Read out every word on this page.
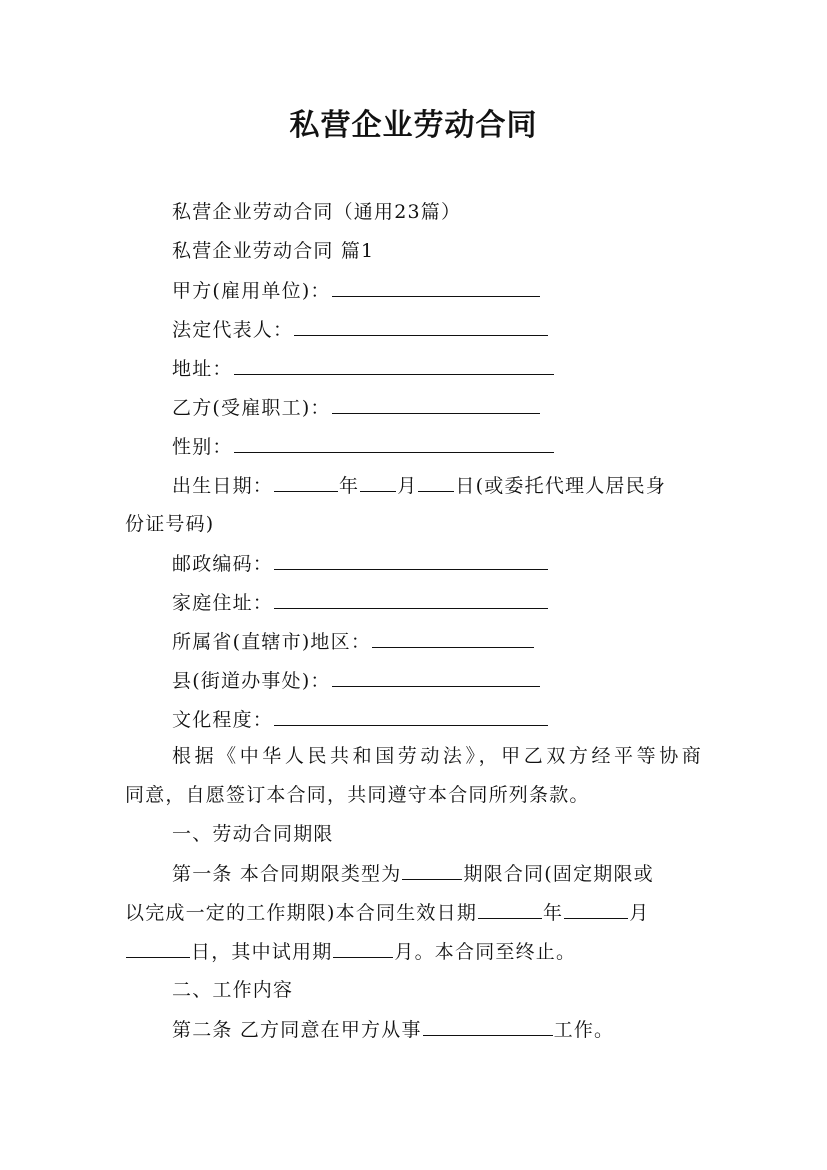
私营企业劳动合同
私营企业劳动合同（通用23篇）
私营企业劳动合同 篇1
甲方(雇用单位)：
法定代表人：
地址：
乙方(受雇职工)：
性别：
出生日期：	年 月 日(或委托代理人居民身
份证号码)
邮政编码：
家庭住址：
所属省(直辖市)地区：
县(街道办事处)：
文化程度：
根据《中华人民共和国劳动法》，甲乙双方经平等协商
同意，自愿签订本合同，共同遵守本合同所列条款。
一、劳动合同期限
第一条 本合同期限类型为	期限合同(固定期限或
以完成一定的工作期限)本合同生效日期	年	月
日，其中试用期	月。本合同至终止。
二、工作内容
第二条 乙方同意在甲方从事	工作。
